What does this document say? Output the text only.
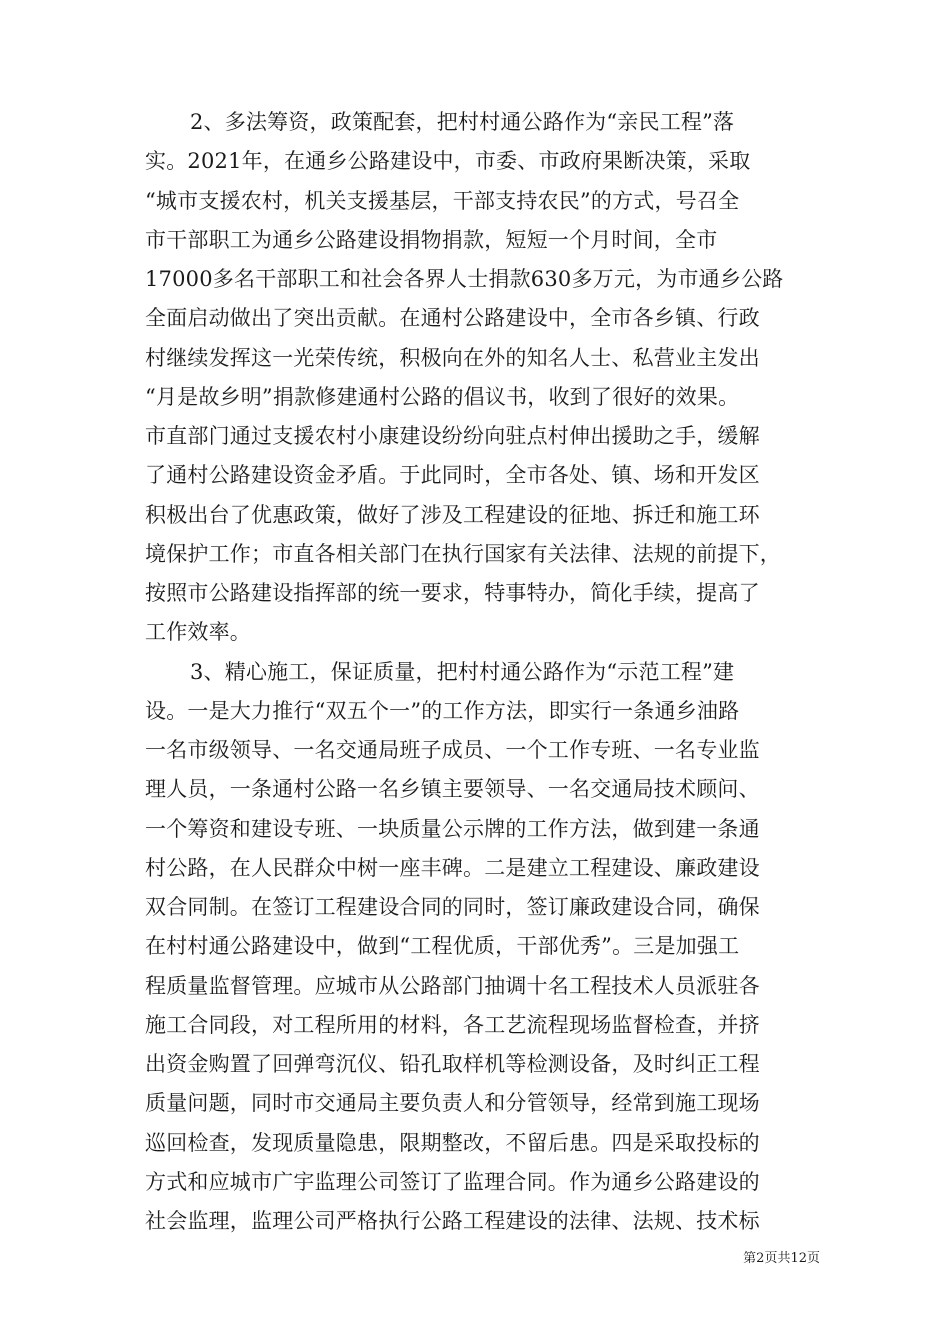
2、多法筹资，政策配套，把村村通公路作为“亲民工程”落
实。2021年，在通乡公路建设中，市委、市政府果断决策，采取
“城市支援农村，机关支援基层，干部支持农民”的方式，号召全
市干部职工为通乡公路建设捐物捐款，短短一个月时间，全市
17000多名干部职工和社会各界人士捐款630多万元，为市通乡公路
全面启动做出了突出贡献。在通村公路建设中，全市各乡镇、行政
村继续发挥这一光荣传统，积极向在外的知名人士、私营业主发出
“月是故乡明”捐款修建通村公路的倡议书，收到了很好的效果。
市直部门通过支援农村小康建设纷纷向驻点村伸出援助之手，缓解
了通村公路建设资金矛盾。于此同时，全市各处、镇、场和开发区
积极出台了优惠政策，做好了涉及工程建设的征地、拆迁和施工环
境保护工作；市直各相关部门在执行国家有关法律、法规的前提下，
按照市公路建设指挥部的统一要求，特事特办，简化手续，提高了
工作效率。
3、精心施工，保证质量，把村村通公路作为“示范工程”建
设。一是大力推行“双五个一”的工作方法，即实行一条通乡油路
一名市级领导、一名交通局班子成员、一个工作专班、一名专业监
理人员，一条通村公路一名乡镇主要领导、一名交通局技术顾问、
一个筹资和建设专班、一块质量公示牌的工作方法，做到建一条通
村公路，在人民群众中树一座丰碑。二是建立工程建设、廉政建设
双合同制。在签订工程建设合同的同时，签订廉政建设合同，确保
在村村通公路建设中，做到“工程优质，干部优秀”。三是加强工
程质量监督管理。应城市从公路部门抽调十名工程技术人员派驻各
施工合同段，对工程所用的材料，各工艺流程现场监督检查，并挤
出资金购置了回弹弯沉仪、铅孔取样机等检测设备，及时纠正工程
质量问题，同时市交通局主要负责人和分管领导，经常到施工现场
第2页共12页
巡回检查，发现质量隐患，限期整改，不留后患。四是采取投标的
方式和应城市广宇监理公司签订了监理合同。作为通乡公路建设的
社会监理，监理公司严格执行公路工程建设的法律、法规、技术标
